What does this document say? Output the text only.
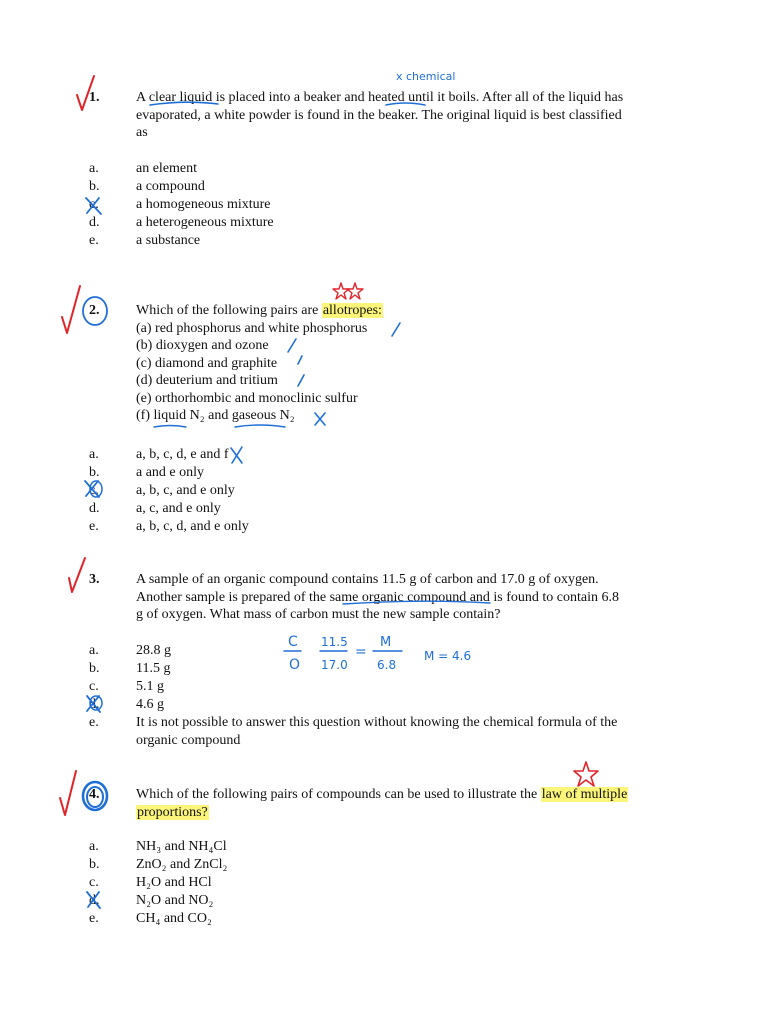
1.	A clear liquid is placed into a beaker and heated until it boils. After all of the liquid has
evaporated, a white powder is found in the beaker. The original liquid is best classified
as
a.	an element
b.	a compound
c.	a homogeneous mixture
d.	a heterogeneous mixture
e.	a substance
2.	Which of the following pairs are allotropes:
(a) red phosphorus and white phosphorus
(b) dioxygen and ozone
(c) diamond and graphite
(d) deuterium and tritium
(e) orthorhombic and monoclinic sulfur
(f) liquid N₂ and gaseous N₂
a.	a, b, c, d, e and f
b.	a and e only
c.	a, b, c, and e only
d.	a, c, and e only
e.	a, b, c, d, and e only
3.	A sample of an organic compound contains 11.5 g of carbon and 17.0 g of oxygen.
Another sample is prepared of the same organic compound and is found to contain 6.8
g of oxygen. What mass of carbon must the new sample contain?
a.	28.8 g
b.	11.5 g
c.	5.1 g
d.	4.6 g
e.	It is not possible to answer this question without knowing the chemical formula of the
organic compound
4.	Which of the following pairs of compounds can be used to illustrate the law of multiple
proportions?
a.	NH₃ and NH₄Cl
b.	ZnO₂ and ZnCl₂
c.	H₂O and HCl
d.	N₂O and NO₂
e.	CH₄ and CO₂
x chemical
C
O
11.5
17.0
=
M
6.8
M = 4.6
